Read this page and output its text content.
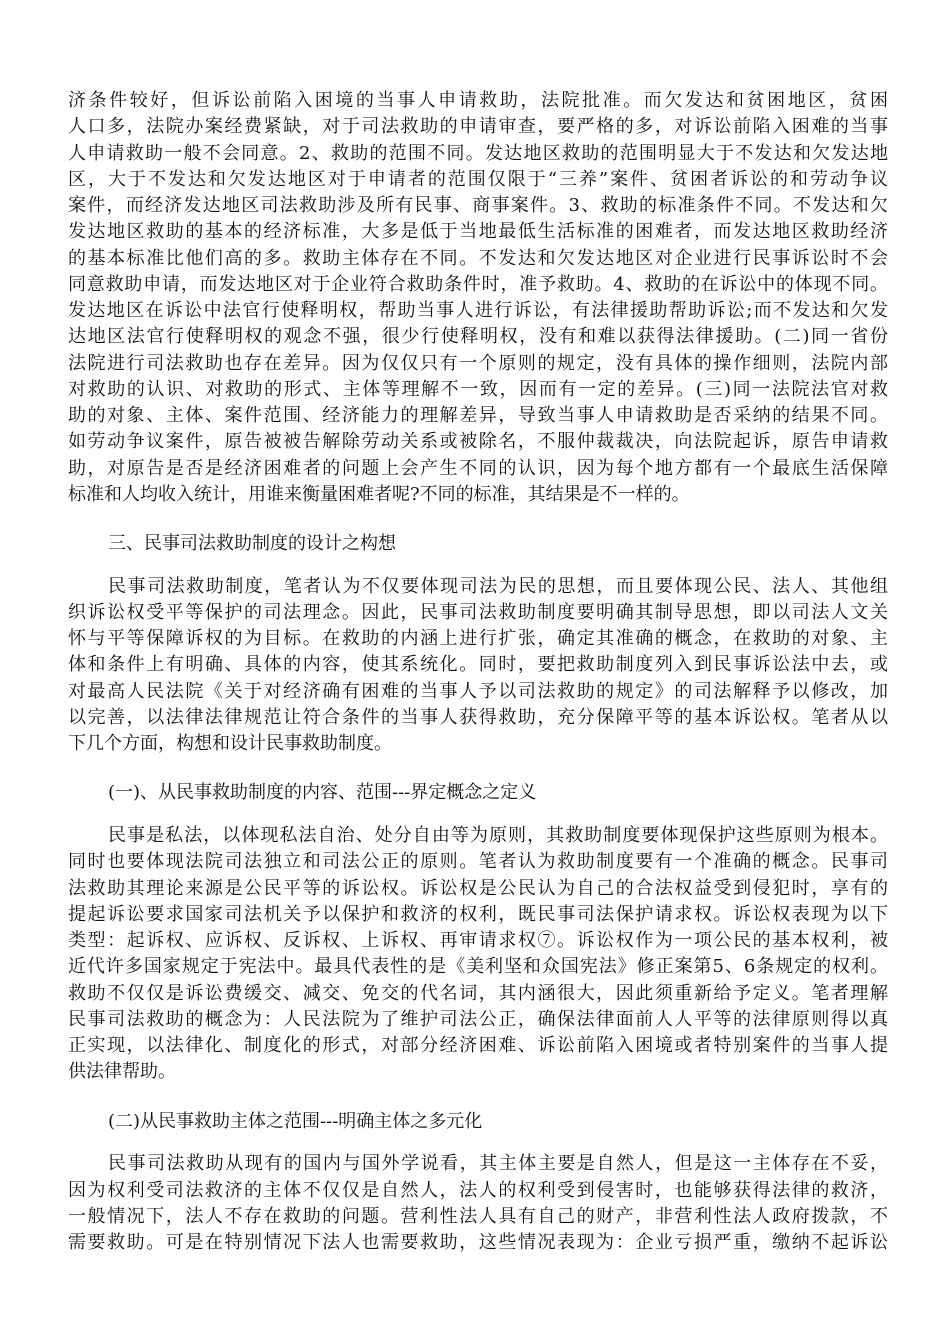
济条件较好，但诉讼前陷入困境的当事人申请救助，法院批准。而欠发达和贫困地区，贫困
人口多，法院办案经费紧缺，对于司法救助的申请审查，要严格的多，对诉讼前陷入困难的当事
人申请救助一般不会同意。2、救助的范围不同。发达地区救助的范围明显大于不发达和欠发达地
区，大于不发达和欠发达地区对于申请者的范围仅限于“三养”案件、贫困者诉讼的和劳动争议
案件，而经济发达地区司法救助涉及所有民事、商事案件。3、救助的标准条件不同。不发达和欠
发达地区救助的基本的经济标准，大多是低于当地最低生活标准的困难者，而发达地区救助经济
的基本标准比他们高的多。救助主体存在不同。不发达和欠发达地区对企业进行民事诉讼时不会
同意救助申请，而发达地区对于企业符合救助条件时，准予救助。4、救助的在诉讼中的体现不同。
发达地区在诉讼中法官行使释明权，帮助当事人进行诉讼，有法律援助帮助诉讼;而不发达和欠发
达地区法官行使释明权的观念不强，很少行使释明权，没有和难以获得法律援助。(二)同一省份
法院进行司法救助也存在差异。因为仅仅只有一个原则的规定，没有具体的操作细则，法院内部
对救助的认识、对救助的形式、主体等理解不一致，因而有一定的差异。(三)同一法院法官对救
助的对象、主体、案件范围、经济能力的理解差异，导致当事人申请救助是否采纳的结果不同。
如劳动争议案件，原告被被告解除劳动关系或被除名，不服仲裁裁决，向法院起诉，原告申请救
助，对原告是否是经济困难者的问题上会产生不同的认识，因为每个地方都有一个最底生活保障
标准和人均收入统计，用谁来衡量困难者呢?不同的标准，其结果是不一样的。
三、民事司法救助制度的设计之构想
民事司法救助制度，笔者认为不仅要体现司法为民的思想，而且要体现公民、法人、其他组
织诉讼权受平等保护的司法理念。因此，民事司法救助制度要明确其制导思想，即以司法人文关
怀与平等保障诉权的为目标。在救助的内涵上进行扩张，确定其准确的概念，在救助的对象、主
体和条件上有明确、具体的内容，使其系统化。同时，要把救助制度列入到民事诉讼法中去，或
对最高人民法院《关于对经济确有困难的当事人予以司法救助的规定》的司法解释予以修改，加
以完善，以法律法律规范让符合条件的当事人获得救助，充分保障平等的基本诉讼权。笔者从以
下几个方面，构想和设计民事救助制度。
(一)、从民事救助制度的内容、范围---界定概念之定义
民事是私法，以体现私法自治、处分自由等为原则，其救助制度要体现保护这些原则为根本。
同时也要体现法院司法独立和司法公正的原则。笔者认为救助制度要有一个准确的概念。民事司
法救助其理论来源是公民平等的诉讼权。诉讼权是公民认为自己的合法权益受到侵犯时，享有的
提起诉讼要求国家司法机关予以保护和救济的权利，既民事司法保护请求权。诉讼权表现为以下
类型：起诉权、应诉权、反诉权、上诉权、再审请求权⑦。诉讼权作为一项公民的基本权利，被
近代许多国家规定于宪法中。最具代表性的是《美利坚和众国宪法》修正案第5、6条规定的权利。
救助不仅仅是诉讼费缓交、减交、免交的代名词，其内涵很大，因此须重新给予定义。笔者理解
民事司法救助的概念为：人民法院为了维护司法公正，确保法律面前人人平等的法律原则得以真
正实现，以法律化、制度化的形式，对部分经济困难、诉讼前陷入困境或者特别案件的当事人提
供法律帮助。
(二)从民事救助主体之范围---明确主体之多元化
民事司法救助从现有的国内与国外学说看，其主体主要是自然人，但是这一主体存在不妥，
因为权利受司法救济的主体不仅仅是自然人，法人的权利受到侵害时，也能够获得法律的救济，
一般情况下，法人不存在救助的问题。营利性法人具有自己的财产，非营利性法人政府拨款，不
需要救助。可是在特别情况下法人也需要救助，这些情况表现为：企业亏损严重，缴纳不起诉讼
